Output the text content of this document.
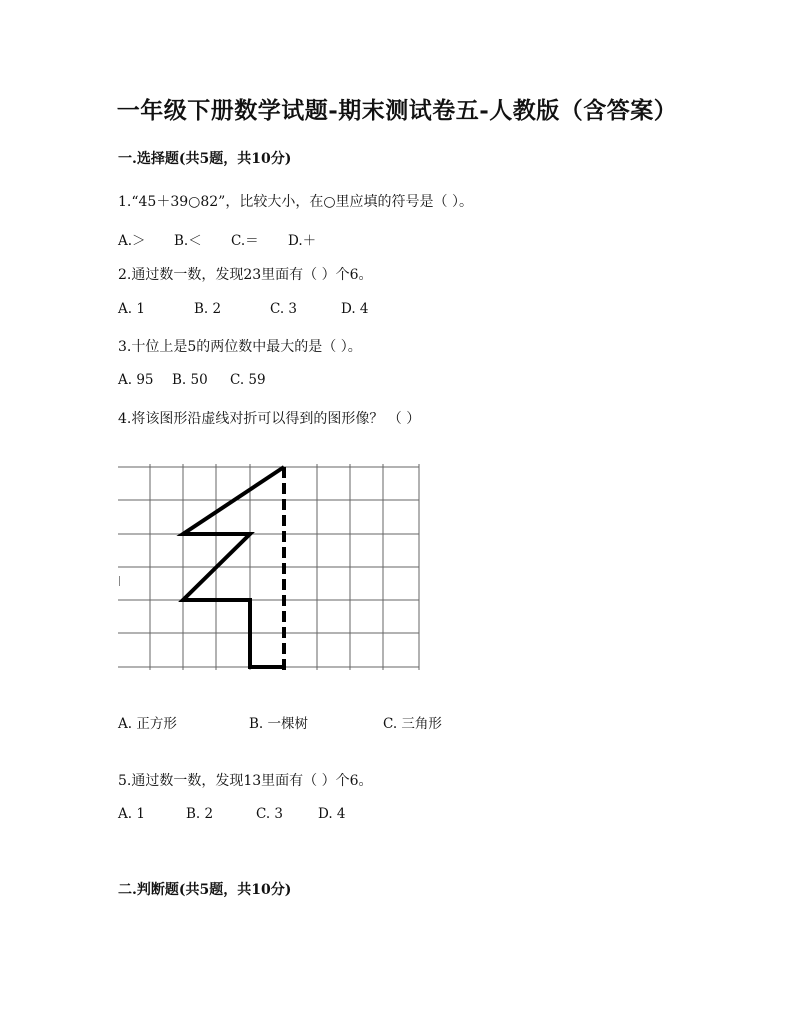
一年级下册数学试题-期末测试卷五-人教版（含答案）
一.选择题(共5题，共10分)
1.“45＋39○82”，比较大小，在○里应填的符号是（ ）。
A.＞ B.＜ C.＝ D.＋
2.通过数一数，发现23里面有（ ）个6。
A. 1	B. 2	C. 3	D. 4
3.十位上是5的两位数中最大的是（ ）。
A. 95 B. 50 C. 59
4.将该图形沿虚线对折可以得到的图形像？ （ ）
A. 正方形	B. 一棵树	C. 三角形
5.通过数一数，发现13里面有（ ）个6。
A. 1	B. 2	C. 3	D. 4
二.判断题(共5题，共10分)
